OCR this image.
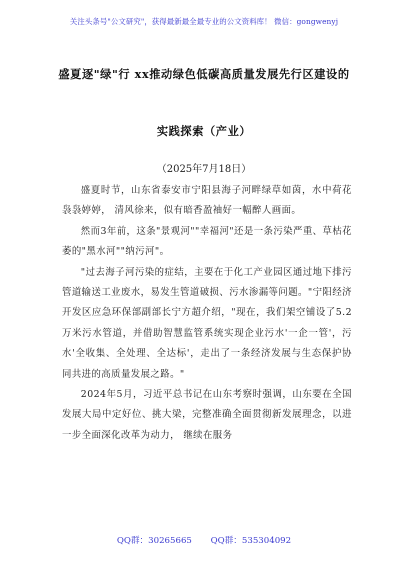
关注头条号"公文研究"，获得最新最全最专业的公文资料库！ 微信：gongwenyj
盛夏逐"绿"行 xx推动绿色低碳高质量发展先行区建设的
实践探索（产业）
（2025年7月18日）

盛夏时节，山东省泰安市宁阳县海子河畔绿草如茵，水中荷花袅袅婷婷， 清风徐来，似有暗香盈袖好一幅醉人画面。

然而3年前，这条"景观河""幸福河"还是一条污染严重、草枯花萎的"黑水河""纳污河"。

"过去海子河污染的症结，主要在于化工产业园区通过地下排污管道输送工业废水，易发生管道破损、污水渗漏等问题。"宁阳经济开发区应急环保部副部长宁方超介绍，"现在，我们架空铺设了5.2万米污水管道，并借助智慧监管系统实现企业污水'一企一管'，污水'全收集、全处理、全达标'，走出了一条经济发展与生态保护协同共进的高质量发展之路。"

2024年5月，习近平总书记在山东考察时强调，山东要在全国发展大局中定好位、挑大梁，完整准确全面贯彻新发展理念，以进一步全面深化改革为动力， 继续在服务

QQ群：30265665 QQ群：535304092
